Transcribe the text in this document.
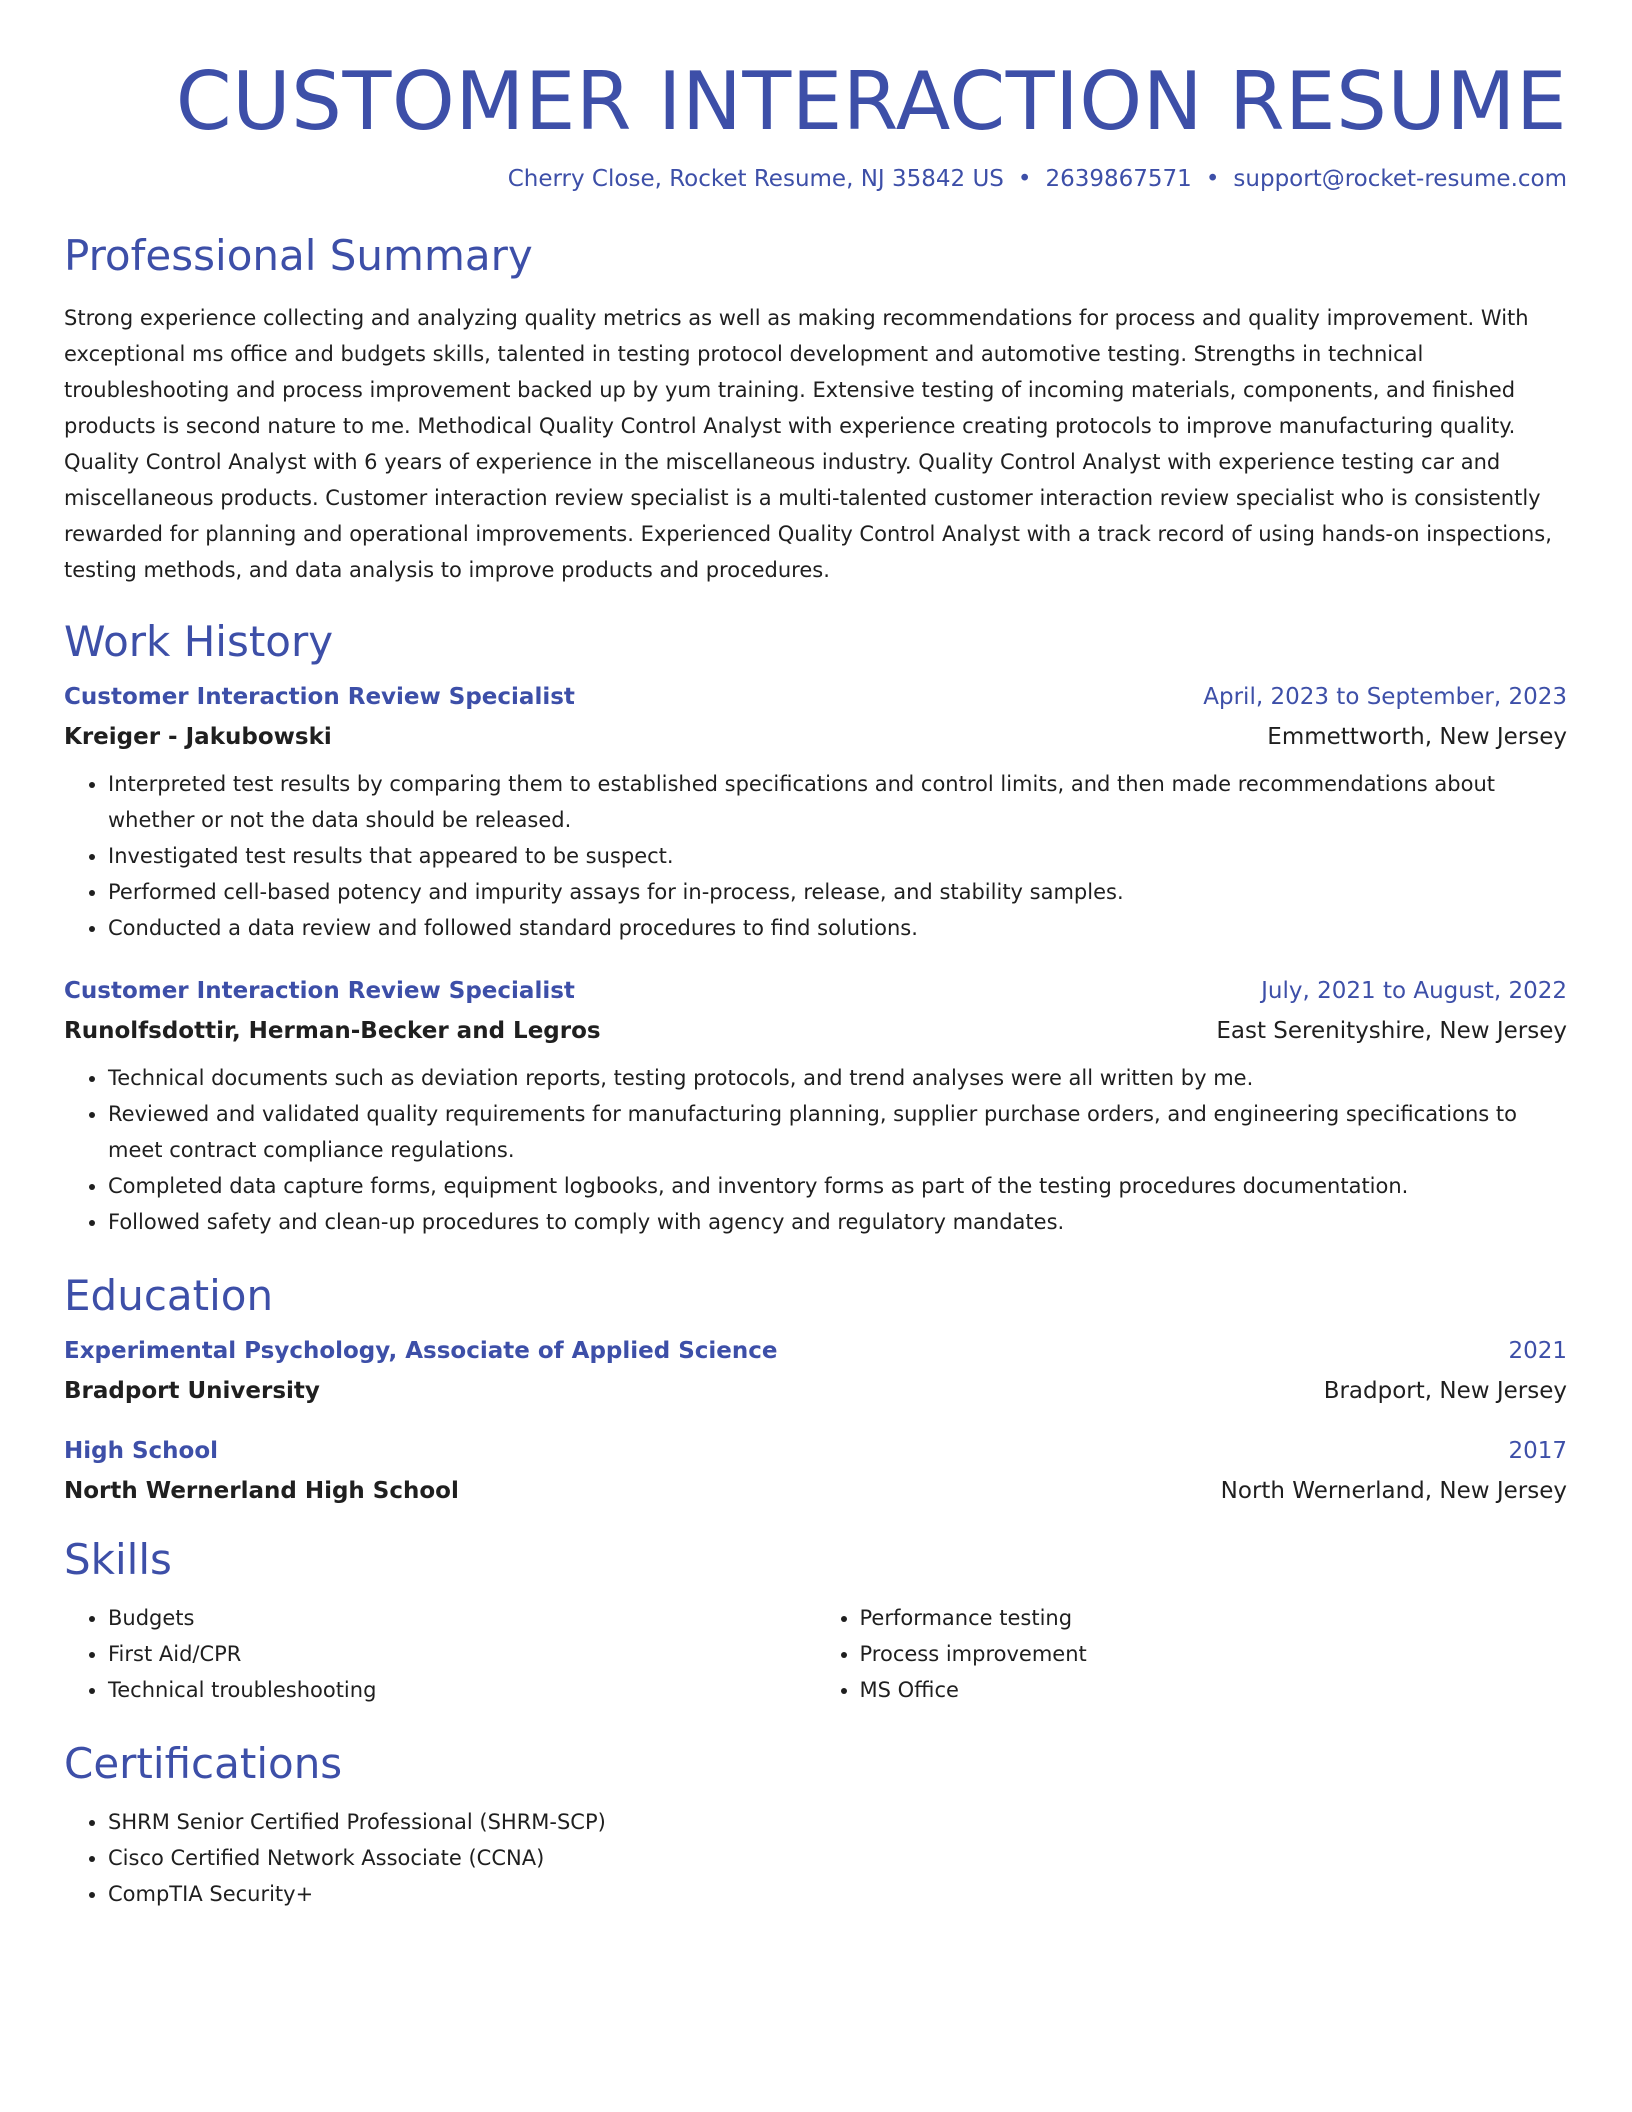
CUSTOMER INTERACTION RESUME
Cherry Close, Rocket Resume, NJ 35842 US • 2639867571 • support@rocket-resume.com
Professional Summary

Strong experience collecting and analyzing quality metrics as well as making recommendations for process and quality improvement. With exceptional ms office and budgets skills, talented in testing protocol development and automotive testing. Strengths in technical troubleshooting and process improvement backed up by yum training. Extensive testing of incoming materials, components, and finished products is second nature to me. Methodical Quality Control Analyst with experience creating protocols to improve manufacturing quality. Quality Control Analyst with 6 years of experience in the miscellaneous industry. Quality Control Analyst with experience testing car and miscellaneous products. Customer interaction review specialist is a multi-talented customer interaction review specialist who is consistently rewarded for planning and operational improvements. Experienced Quality Control Analyst with a track record of using hands-on inspections, testing methods, and data analysis to improve products and procedures.

Work History
Customer Interaction Review Specialist	April, 2023 to September, 2023
Kreiger - Jakubowski	Emmettworth, New Jersey
• Interpreted test results by comparing them to established specifications and control limits, and then made recommendations about whether or not the data should be released.
• Investigated test results that appeared to be suspect.
• Performed cell-based potency and impurity assays for in-process, release, and stability samples.
• Conducted a data review and followed standard procedures to find solutions.
Customer Interaction Review Specialist	July, 2021 to August, 2022
Runolfsdottir, Herman-Becker and Legros	East Serenityshire, New Jersey
• Technical documents such as deviation reports, testing protocols, and trend analyses were all written by me.
• Reviewed and validated quality requirements for manufacturing planning, supplier purchase orders, and engineering specifications to meet contract compliance regulations.
• Completed data capture forms, equipment logbooks, and inventory forms as part of the testing procedures documentation.
• Followed safety and clean-up procedures to comply with agency and regulatory mandates.
Education
Experimental Psychology, Associate of Applied Science	2021
Bradport University	Bradport, New Jersey
High School	2017
North Wernerland High School	North Wernerland, New Jersey
Skills
• Budgets
• First Aid/CPR
• Technical troubleshooting
• Performance testing
• Process improvement
• MS Office
Certifications
• SHRM Senior Certified Professional (SHRM-SCP)
• Cisco Certified Network Associate (CCNA)
• CompTIA Security+
